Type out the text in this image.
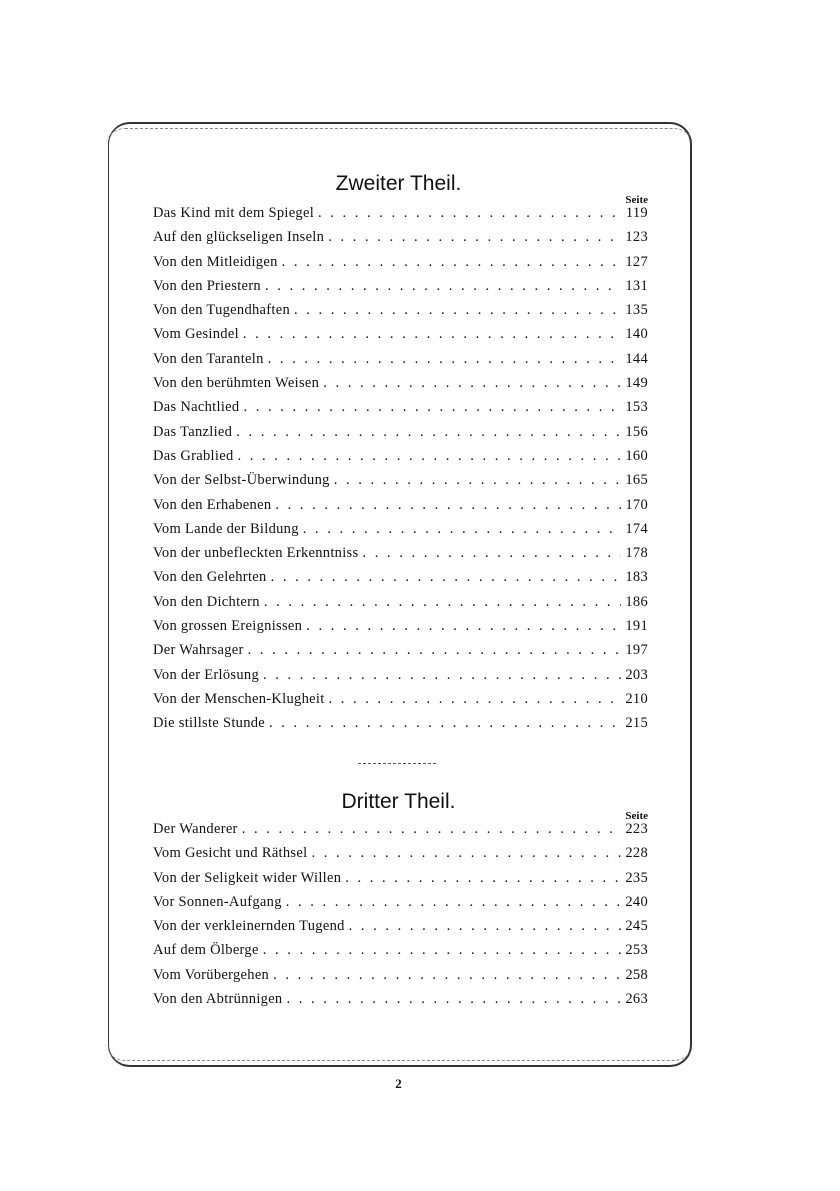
Zweiter Theil.
Seite
Das Kind mit dem Spiegel . . .	119
Auf den glückseligen Inseln . . .	123
Von den Mitleidigen . . .	127
Von den Priestern . . .	131
Von den Tugendhaften . . .	135
Vom Gesindel . . .	140
Von den Taranteln . . .	144
Von den berühmten Weisen . . .	149
Das Nachtlied . . .	153
Das Tanzlied . . .	156
Das Grablied . . .	160
Von der Selbst-Überwindung . . .	165
Von den Erhabenen . . .	170
Vom Lande der Bildung . . .	174
Von der unbefleckten Erkenntniss . . .	178
Von den Gelehrten . . .	183
Von den Dichtern . . .	186
Von grossen Ereignissen . . .	191
Der Wahrsager . . .	197
Von der Erlösung . . .	203
Von der Menschen-Klugheit . . .	210
Die stillste Stunde . . .	215
Dritter Theil.
Seite
Der Wanderer . . .	223
Vom Gesicht und Räthsel . . .	228
Von der Seligkeit wider Willen . . .	235
Vor Sonnen-Aufgang . . .	240
Von der verkleinernden Tugend . . .	245
Auf dem Ölberge . . .	253
Vom Vorübergehen . . .	258
Von den Abtrünnigen . . .	263
2
